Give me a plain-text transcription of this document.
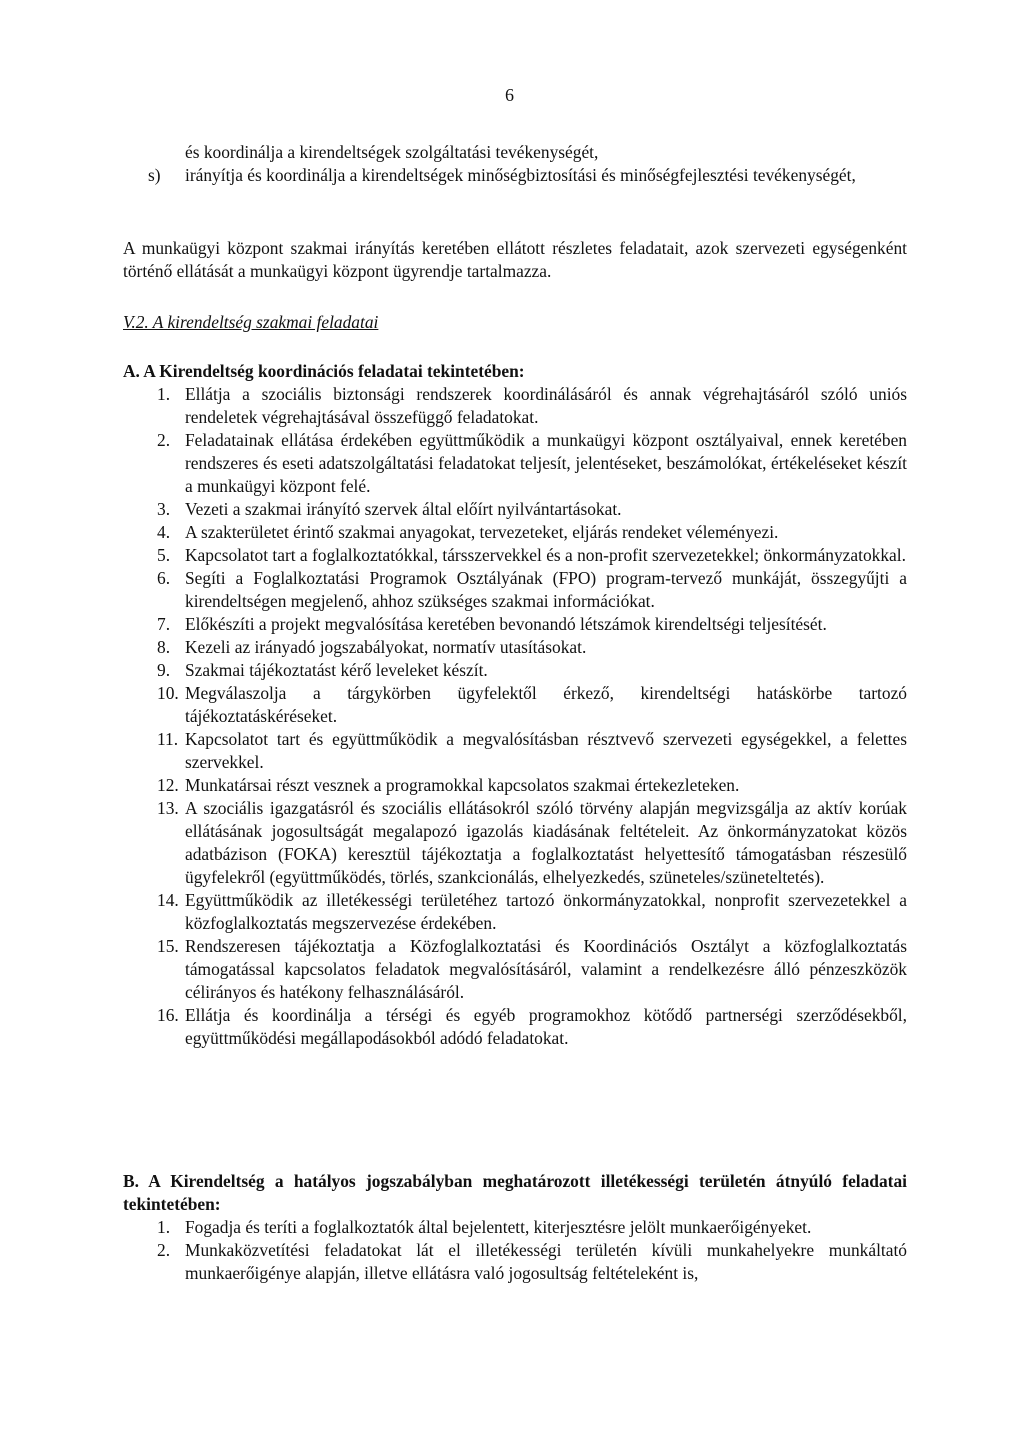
6
és koordinálja a kirendeltségek szolgáltatási tevékenységét,
s) irányítja és koordinálja a kirendeltségek minőségbiztosítási és minőségfejlesztési tevékenységét,
A munkaügyi központ szakmai irányítás keretében ellátott részletes feladatait, azok szervezeti egységenként történő ellátását a munkaügyi központ ügyrendje tartalmazza.
V.2. A kirendeltség szakmai feladatai
A. A Kirendeltség koordinációs feladatai tekintetében:
1. Ellátja a szociális biztonsági rendszerek koordinálásáról és annak végrehajtásáról szóló uniós rendeletek végrehajtásával összefüggő feladatokat.
2. Feladatainak ellátása érdekében együttműködik a munkaügyi központ osztályaival, ennek keretében rendszeres és eseti adatszolgáltatási feladatokat teljesít, jelentéseket, beszámolókat, értékeléseket készít a munkaügyi központ felé.
3. Vezeti a szakmai irányító szervek által előírt nyilvántartásokat.
4. A szakterületet érintő szakmai anyagokat, tervezeteket, eljárás rendeket véleményezi.
5. Kapcsolatot tart a foglalkoztatókkal, társszervekkel és a non-profit szervezetekkel; önkormányzatokkal.
6. Segíti a Foglalkoztatási Programok Osztályának (FPO) program-tervező munkáját, összegyűjti a kirendeltségen megjelenő, ahhoz szükséges szakmai információkat.
7. Előkészíti a projekt megvalósítása keretében bevonandó létszámok kirendeltségi teljesítését.
8. Kezeli az irányadó jogszabályokat, normatív utasításokat.
9. Szakmai tájékoztatást kérő leveleket készít.
10. Megválaszolja a tárgykörben ügyfelektől érkező, kirendeltségi hatáskörbe tartozó tájékoztatáskéréseket.
11. Kapcsolatot tart és együttműködik a megvalósításban résztvevő szervezeti egységekkel, a felettes szervekkel.
12. Munkatársai részt vesznek a programokkal kapcsolatos szakmai értekezleteken.
13. A szociális igazgatásról és szociális ellátásokról szóló törvény alapján megvizsgálja az aktív korúak ellátásának jogosultságát megalapozó igazolás kiadásának feltételeit. Az önkormányzatokat közös adatbázison (FOKA) keresztül tájékoztatja a foglalkoztatást helyettesítő támogatásban részesülő ügyfelekről (együttműködés, törlés, szankcionálás, elhelyezkedés, szüneteles/szüneteltetés).
14. Együttműködik az illetékességi területéhez tartozó önkormányzatokkal, nonprofit szervezetekkel a közfoglalkoztatás megszervezése érdekében.
15. Rendszeresen tájékoztatja a Közfoglalkoztatási és Koordinációs Osztályt a közfoglalkoztatás támogatással kapcsolatos feladatok megvalósításáról, valamint a rendelkezésre álló pénzeszközök célirányos és hatékony felhasználásáról.
16. Ellátja és koordinálja a térségi és egyéb programokhoz kötődő partnerségi szerződésekből, együttműködési megállapodásokból adódó feladatokat.
B. A Kirendeltség a hatályos jogszabályban meghatározott illetékességi területén átnyúló feladatai tekintetében:
1. Fogadja és teríti a foglalkoztatók által bejelentett, kiterjesztésre jelölt munkaerőigényeket.
2. Munkaközvetítési feladatokat lát el illetékességi területén kívüli munkahelyekre munkáltató munkaerőigénye alapján, illetve ellátásra való jogosultság feltételeként is,
